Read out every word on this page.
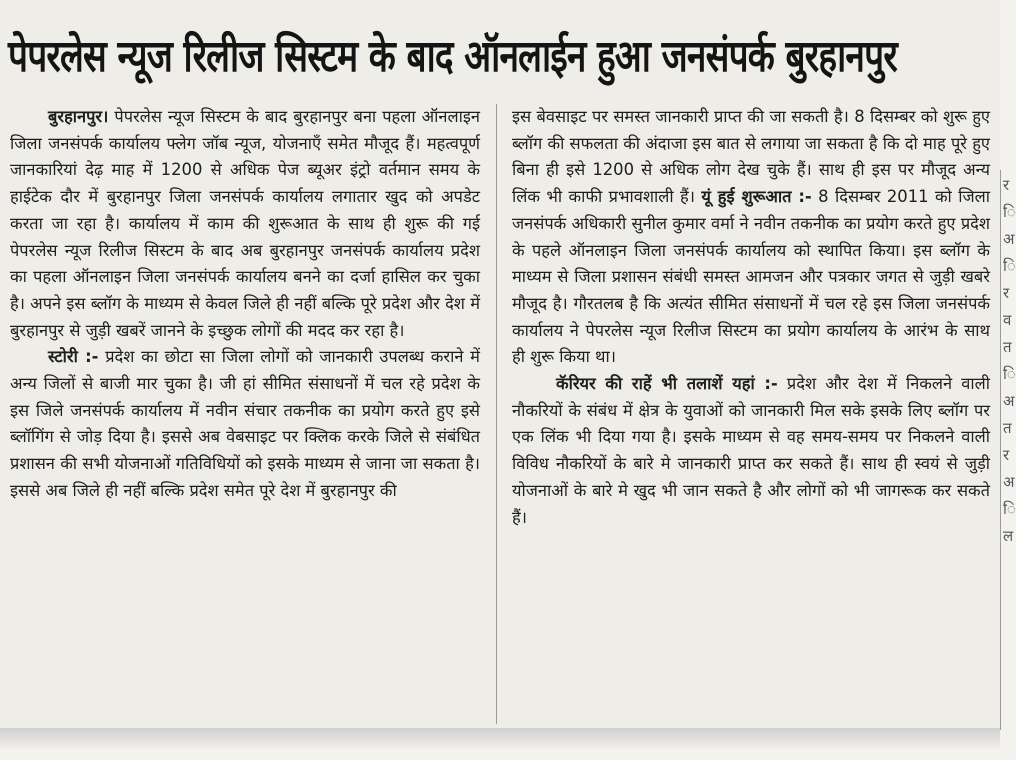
पेपरलेस न्यूज रिलीज सिस्टम के बाद ऑनलाईन हुआ जनसंपर्क बुरहानपुर

बुरहानपुर। पेपरलेस न्यूज सिस्टम के बाद बुरहानपुर बना पहला ऑनलाइन जिला जनसंपर्क कार्यालय फ्लेग जॉब न्यूज, योजनाएँ समेत मौजूद हैं। महत्वपूर्ण जानकारियां देढ़ माह में 1200 से अधिक पेज ब्यूअर इंट्रो वर्तमान समय के हाईटेक दौर में बुरहानपुर जिला जनसंपर्क कार्यालय लगातार खुद को अपडेट करता जा रहा है। कार्यालय में काम की शुरूआत के साथ ही शुरू की गई पेपरलेस न्यूज रिलीज सिस्टम के बाद अब बुरहानपुर जनसंपर्क कार्यालय प्रदेश का पहला ऑनलाइन जिला जनसंपर्क कार्यालय बनने का दर्जा हासिल कर चुका है। अपने इस ब्लॉग के माध्यम से केवल जिले ही नहीं बल्कि पूरे प्रदेश और देश में बुरहानपुर से जुड़ी खबरें जानने के इच्छुक लोगों की मदद कर रहा है।

स्टोरी :- प्रदेश का छोटा सा जिला लोगों को जानकारी उपलब्ध कराने में अन्य जिलों से बाजी मार चुका है। जी हां सीमित संसाधनों में चल रहे प्रदेश के इस जिले जनसंपर्क कार्यालय में नवीन संचार तकनीक का प्रयोग करते हुए इसे ब्लॉगिंग से जोड़ दिया है। इससे अब वेबसाइट पर क्लिक करके जिले से संबंधित प्रशासन की सभी योजनाओं गतिविधियों को इसके माध्यम से जाना जा सकता है। इससे अब जिले ही नहीं बल्कि प्रदेश समेत पूरे देश में बुरहानपुर की

इस बेवसाइट पर समस्त जानकारी प्राप्त की जा सकती है। 8 दिसम्बर को शुरू हुए ब्लॉग की सफलता की अंदाजा इस बात से लगाया जा सकता है कि दो माह पूरे हुए बिना ही इसे 1200 से अधिक लोग देख चुके हैं। साथ ही इस पर मौजूद अन्य लिंक भी काफी प्रभावशाली हैं। यूं हुई शुरूआत :- 8 दिसम्बर 2011 को जिला जनसंपर्क अधिकारी सुनील कुमार वर्मा ने नवीन तकनीक का प्रयोग करते हुए प्रदेश के पहले ऑनलाइन जिला जनसंपर्क कार्यालय को स्थापित किया। इस ब्लॉग के माध्यम से जिला प्रशासन संबंधी समस्त आमजन और पत्रकार जगत से जुड़ी खबरे मौजूद है। गौरतलब है कि अत्यंत सीमित संसाधनों में चल रहे इस जिला जनसंपर्क कार्यालय ने पेपरलेस न्यूज रिलीज सिस्टम का प्रयोग कार्यालय के आरंभ के साथ ही शुरू किया था।

कॅरियर की राहें भी तलाशें यहां :- प्रदेश और देश में निकलने वाली नौकरियों के संबंध में क्षेत्र के युवाओं को जानकारी मिल सके इसके लिए ब्लॉग पर एक लिंक भी दिया गया है। इसके माध्यम से वह समय-समय पर निकलने वाली विविध नौकरियों के बारे मे जानकारी प्राप्त कर सकते हैं। साथ ही स्वयं से जुड़ी योजनाओं के बारे मे खुद भी जान सकते है और लोगों को भी जागरूक कर सकते हैं।

र
ि
अ
ि
र
व
त
ि
अ
त
र
अ
ि
ल
